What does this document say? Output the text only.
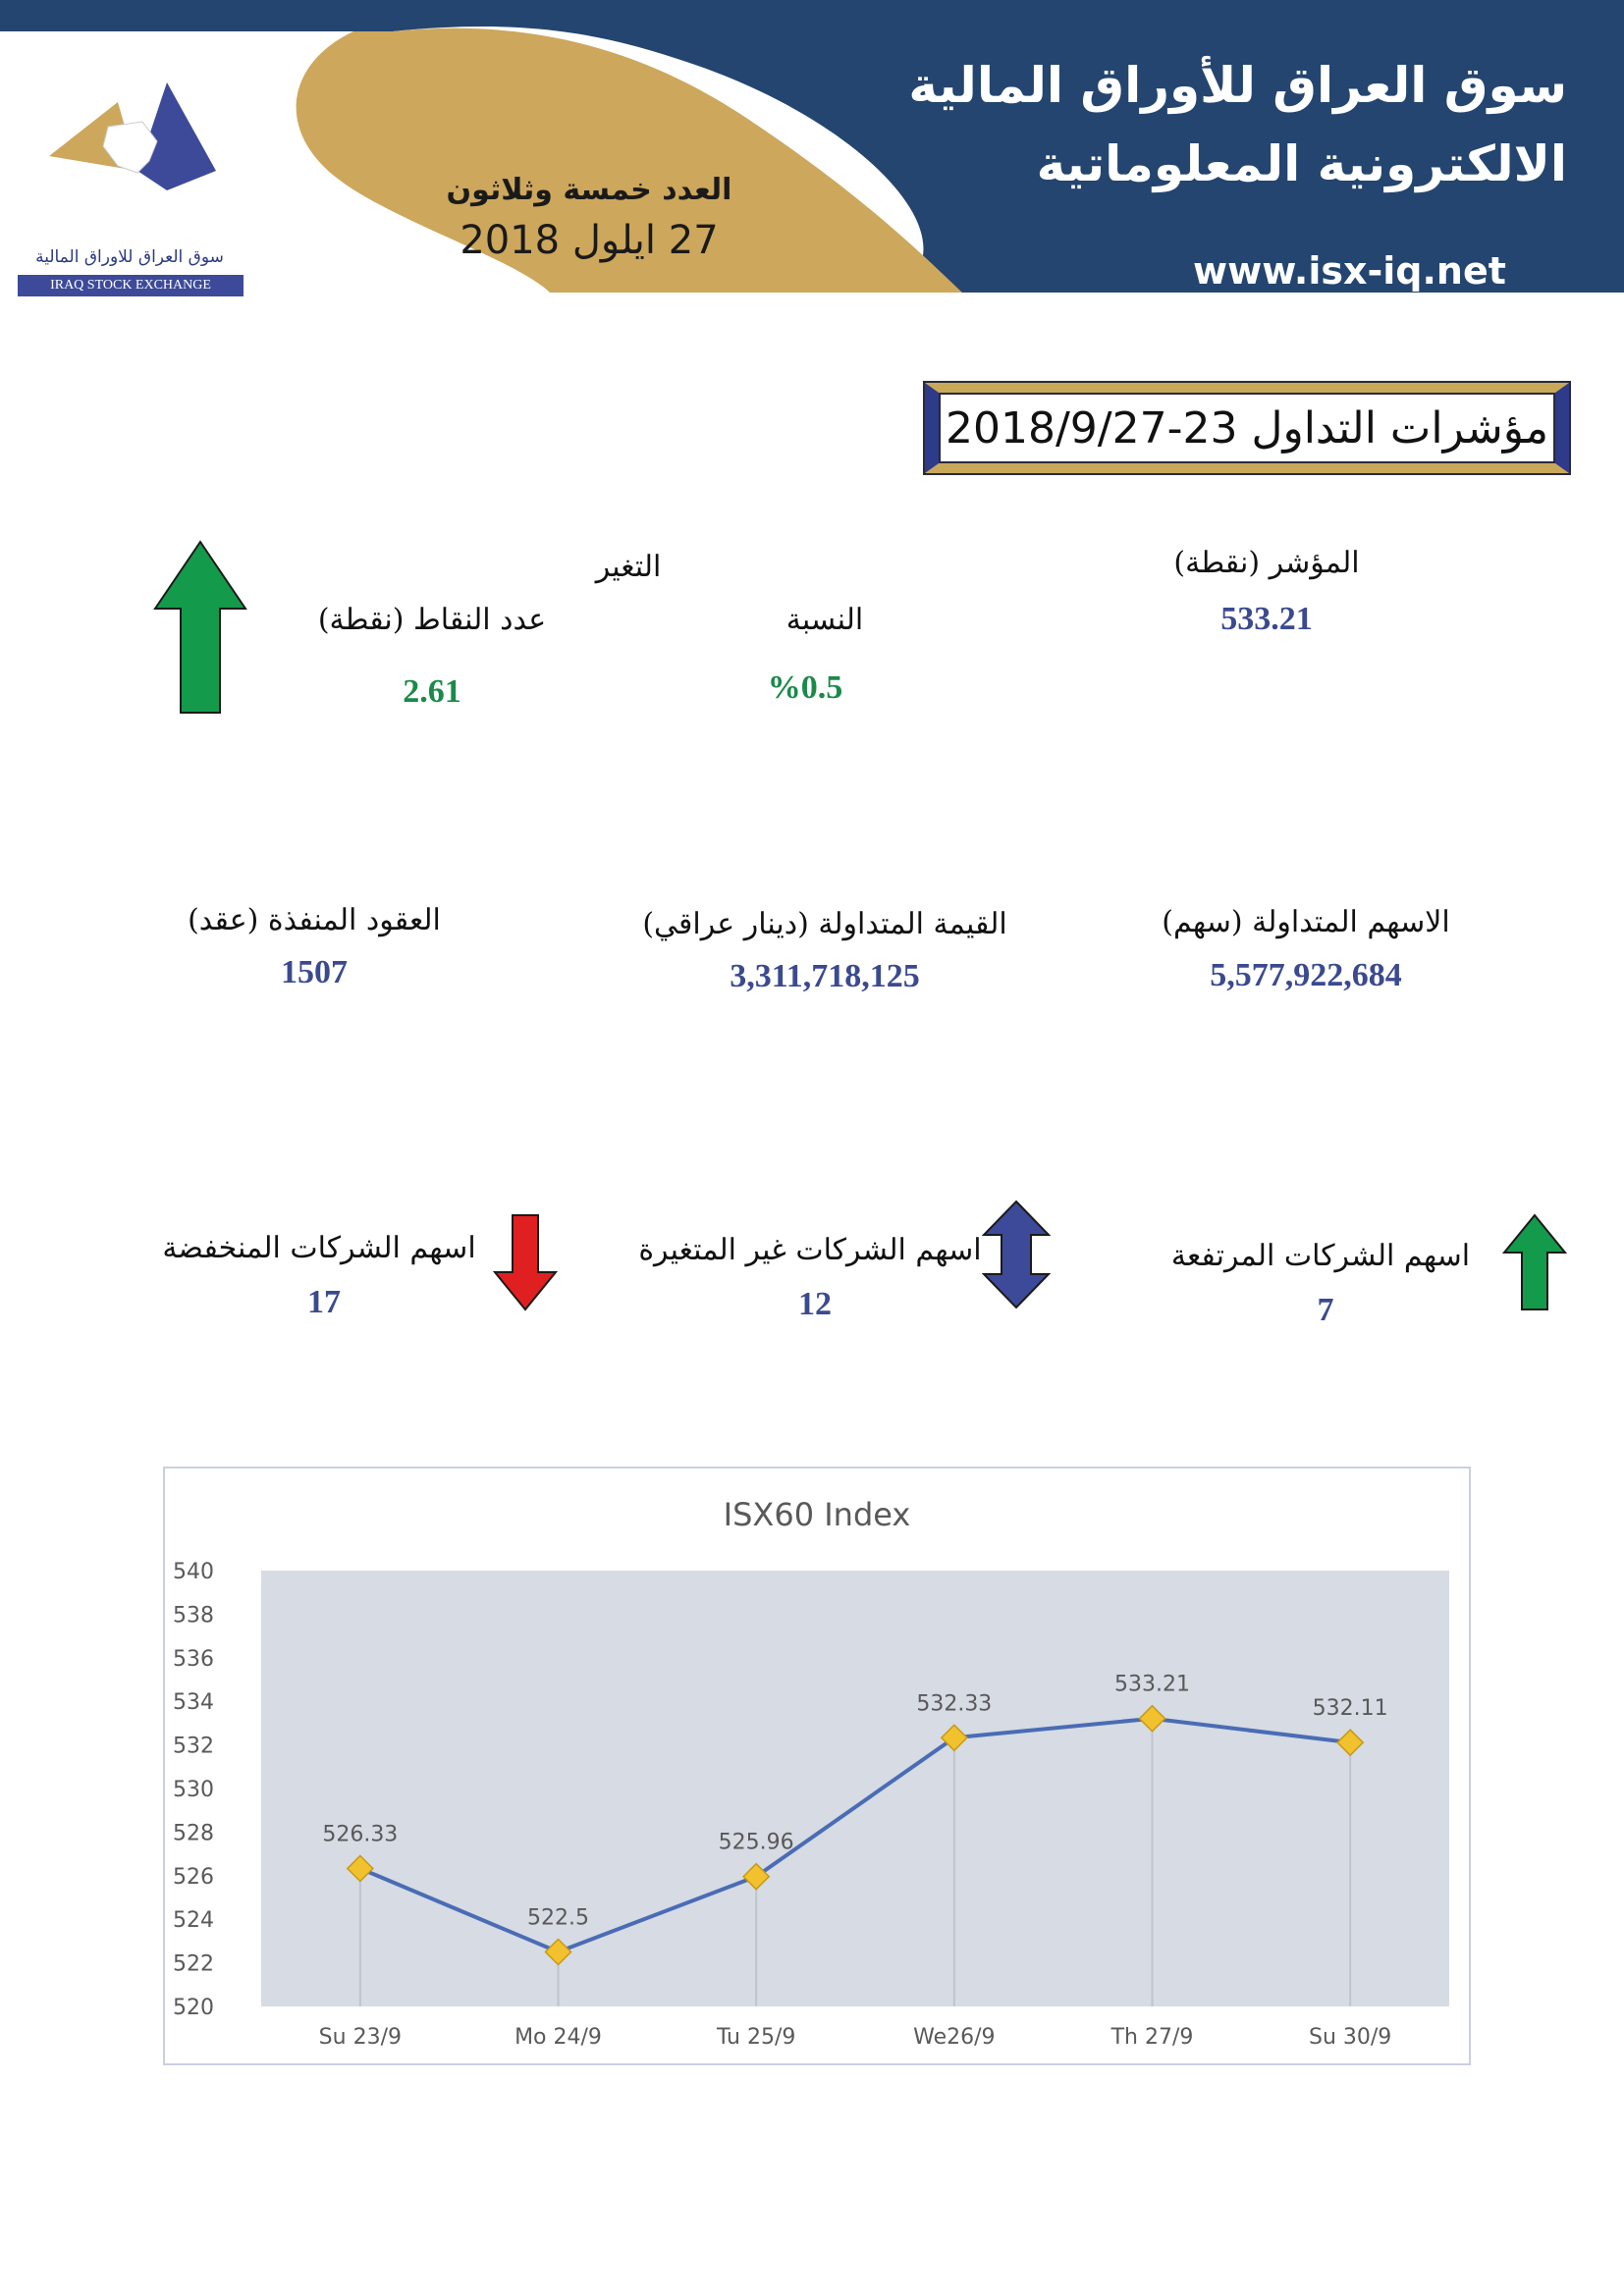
سوق العراق للأوراق المالية
الالكترونية المعلوماتية
www.isx-iq.net
العدد خمسة وثلاثون
27 ايلول 2018
سوق العراق للاوراق المالية
IRAQ STOCK EXCHANGE
مؤشرات التداول 23-2018/9/27
المؤشر (نقطة)
533.21
التغير
النسبة
%0.5
عدد النقاط (نقطة)
2.61
الاسهم المتداولة (سهم)
5,577,922,684
القيمة المتداولة (دينار عراقي)
3,311,718,125
العقود المنفذة (عقد)
1507
اسهم الشركات المرتفعة
7
اسهم الشركات غير المتغيرة
12
اسهم الشركات المنخفضة
17
ISX60 Index
520
522
524
526
528
530
532
534
536
538
540
Su 23/9	Mo 24/9	Tu 25/9	We26/9	Th 27/9	Su 30/9
526.33
522.5
525.96
532.33
533.21
532.11
